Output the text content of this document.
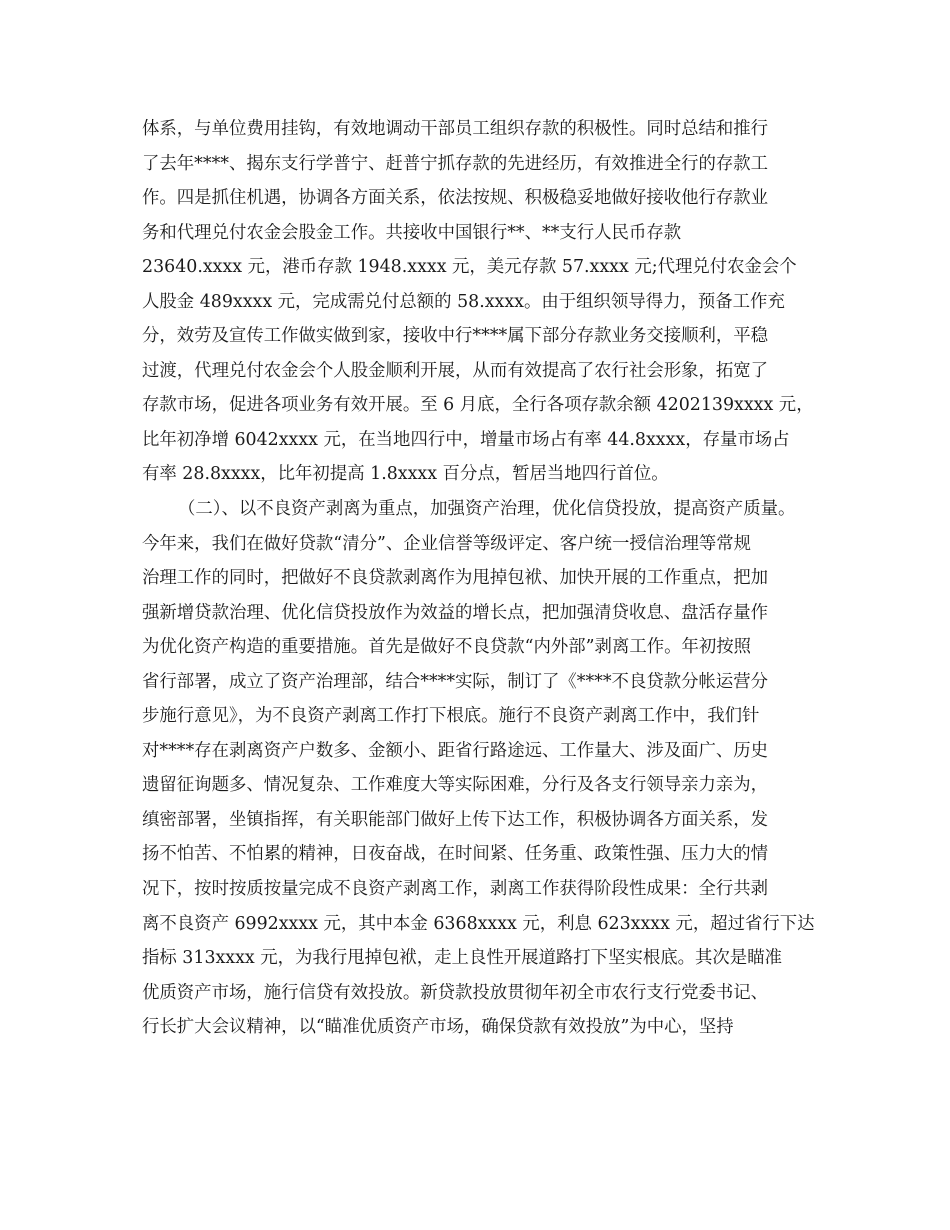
体系，与单位费用挂钩，有效地调动干部员工组织存款的积极性。同时总结和推行
了去年****、揭东支行学普宁、赶普宁抓存款的先进经历，有效推进全行的存款工
作。四是抓住机遇，协调各方面关系，依法按规、积极稳妥地做好接收他行存款业
务和代理兑付农金会股金工作。共接收中国银行**、**支行人民币存款
23640.xxxx 元，港币存款 1948.xxxx 元，美元存款 57.xxxx 元;代理兑付农金会个
人股金 489xxxx 元，完成需兑付总额的 58.xxxx。由于组织领导得力，预备工作充
分，效劳及宣传工作做实做到家，接收中行****属下部分存款业务交接顺利，平稳
过渡，代理兑付农金会个人股金顺利开展，从而有效提高了农行社会形象，拓宽了
存款市场，促进各项业务有效开展。至 6 月底，全行各项存款余额 4202139xxxx 元，
比年初净增 6042xxxx 元，在当地四行中，增量市场占有率 44.8xxxx，存量市场占
有率 28.8xxxx，比年初提高 1.8xxxx 百分点，暂居当地四行首位。
（二）、以不良资产剥离为重点，加强资产治理，优化信贷投放，提高资产质量。
今年来，我们在做好贷款“清分”、企业信誉等级评定、客户统一授信治理等常规
治理工作的同时，把做好不良贷款剥离作为甩掉包袱、加快开展的工作重点，把加
强新增贷款治理、优化信贷投放作为效益的增长点，把加强清贷收息、盘活存量作
为优化资产构造的重要措施。首先是做好不良贷款“内外部”剥离工作。年初按照
省行部署，成立了资产治理部，结合****实际，制订了《****不良贷款分帐运营分
步施行意见》，为不良资产剥离工作打下根底。施行不良资产剥离工作中，我们针
对****存在剥离资产户数多、金额小、距省行路途远、工作量大、涉及面广、历史
遗留征询题多、情况复杂、工作难度大等实际困难，分行及各支行领导亲力亲为，
缜密部署，坐镇指挥，有关职能部门做好上传下达工作，积极协调各方面关系，发
扬不怕苦、不怕累的精神，日夜奋战，在时间紧、任务重、政策性强、压力大的情
况下，按时按质按量完成不良资产剥离工作，剥离工作获得阶段性成果：全行共剥
离不良资产 6992xxxx 元，其中本金 6368xxxx 元，利息 623xxxx 元，超过省行下达
指标 313xxxx 元，为我行甩掉包袱，走上良性开展道路打下坚实根底。其次是瞄准
优质资产市场，施行信贷有效投放。新贷款投放贯彻年初全市农行支行党委书记、
行长扩大会议精神，以“瞄准优质资产市场，确保贷款有效投放”为中心，坚持
